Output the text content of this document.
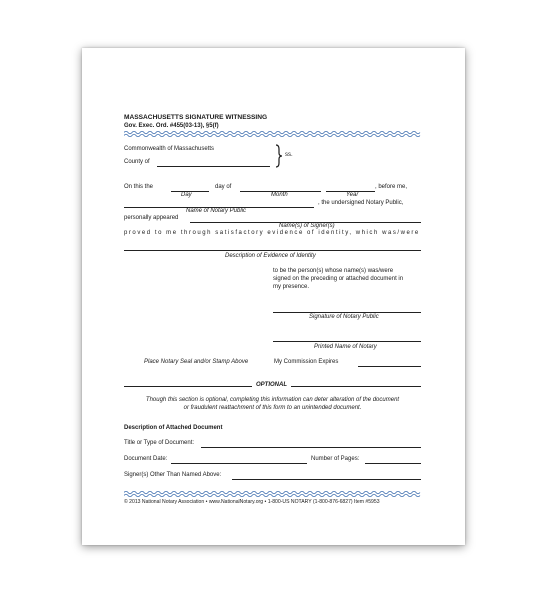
MASSACHUSETTS SIGNATURE WITNESSING
Gov. Exec. Ord. #455(03-13), §5(f)
Commonwealth of Massachusetts
County of
ss.
On this the	day of	, before me,
Day	Month	Year
, the undersigned Notary Public,
Name of Notary Public
personally appeared
Name(s) of Signer(s)
proved to me through satisfactory evidence of identity, which was/were
Description of Evidence of Identity
to be the person(s) whose name(s) was/were
signed on the preceding or attached document in
my presence.
Signature of Notary Public
Printed Name of Notary
Place Notary Seal and/or Stamp Above	My Commission Expires
OPTIONAL
Though this section is optional, completing this information can deter alteration of the document
or fraudulent reattachment of this form to an unintended document.
Description of Attached Document
Title or Type of Document:
Document Date:	Number of Pages:
Signer(s) Other Than Named Above:
© 2013 National Notary Association • www.NationalNotary.org • 1-800-US NOTARY (1-800-876-6827) Item #5953
